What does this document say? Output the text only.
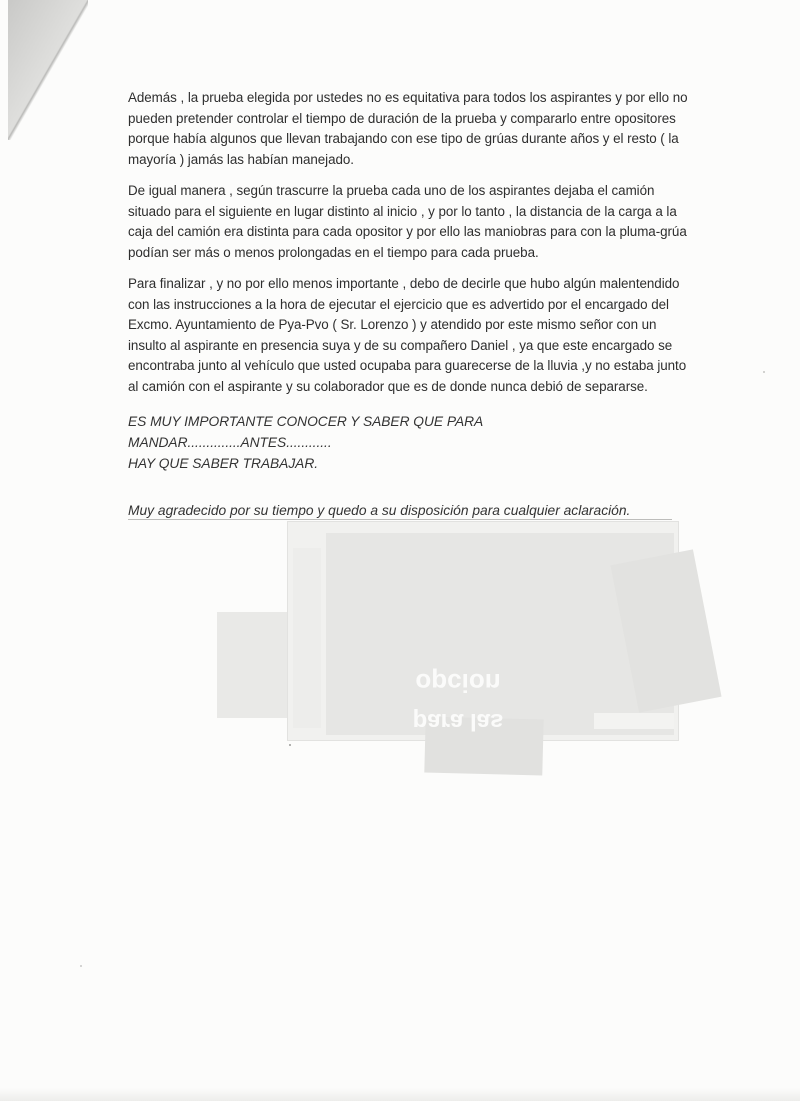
Además , la prueba elegida por ustedes no es equitativa para todos los aspirantes y por ello no pueden pretender controlar el tiempo de duración de la prueba y compararlo entre opositores porque había algunos que llevan trabajando con ese tipo de grúas durante años y el resto ( la mayoría ) jamás las habían manejado.

De igual manera , según trascurre la prueba cada uno de los aspirantes dejaba el camión situado para el siguiente en lugar distinto al inicio , y por lo tanto , la distancia de la carga a la caja del camión era distinta para cada opositor y por ello las maniobras para con la pluma-grúa podían ser más o menos prolongadas en el tiempo para cada prueba.

Para finalizar , y no por ello menos importante , debo de decirle que hubo algún malentendido con las instrucciones a la hora de ejecutar el ejercicio que es advertido por el encargado del Excmo. Ayuntamiento de Pya-Pvo ( Sr. Lorenzo ) y atendido por este mismo señor con un insulto al aspirante en presencia suya y de su compañero Daniel , ya que este encargado se encontraba junto al vehículo que usted ocupaba para guarecerse de la lluvia ,y no estaba junto al camión con el aspirante y su colaborador que es de donde nunca debió de separarse.

ES MUY IMPORTANTE CONOCER Y SABER QUE PARA MANDAR..............ANTES............
HAY QUE SABER TRABAJAR.

Muy agradecido por su tiempo y quedo a su disposición para cualquier aclaración.

opcion
para las
